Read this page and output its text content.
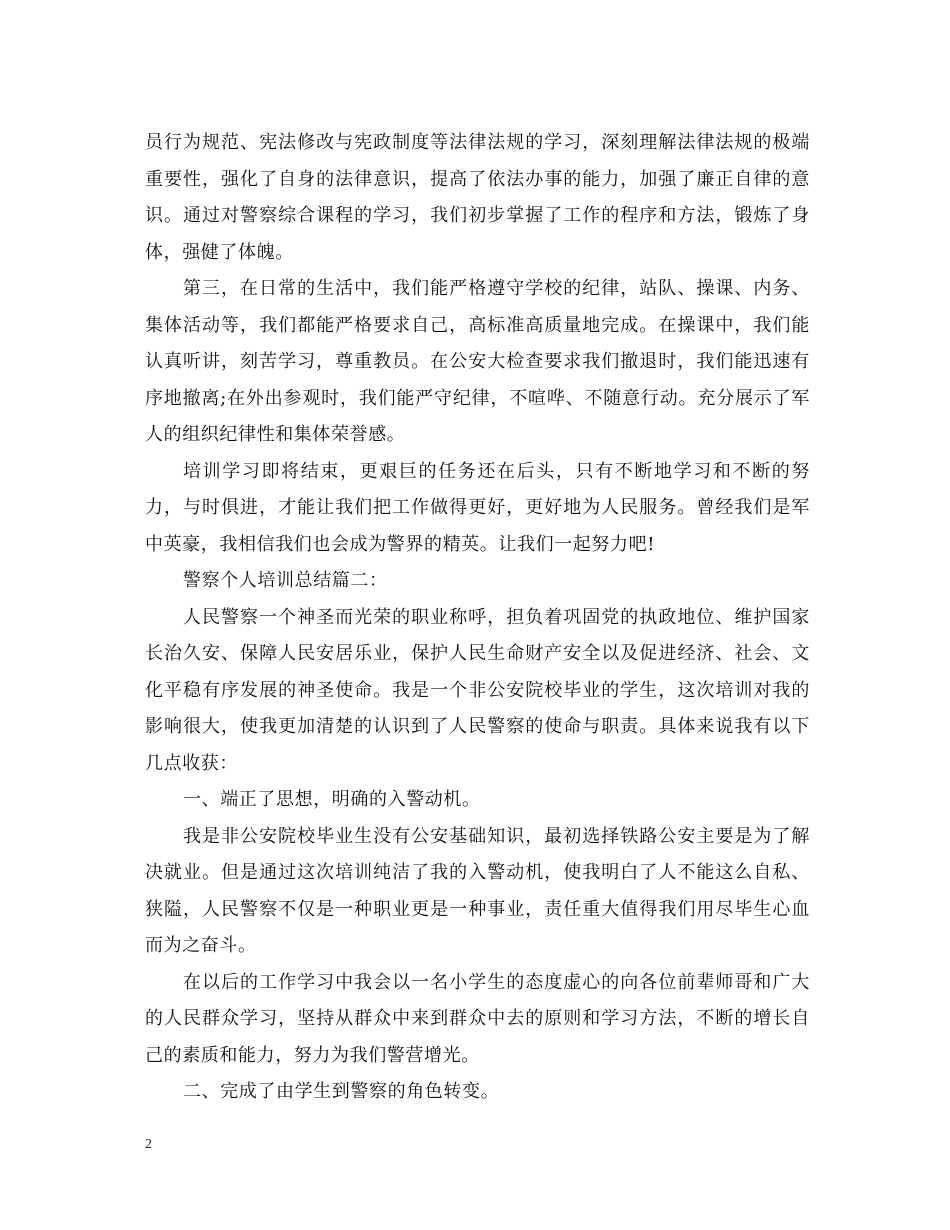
员行为规范、宪法修改与宪政制度等法律法规的学习，深刻理解法律法规的极端重要性，强化了自身的法律意识，提高了依法办事的能力，加强了廉正自律的意识。通过对警察综合课程的学习，我们初步掌握了工作的程序和方法，锻炼了身体，强健了体魄。

第三，在日常的生活中，我们能严格遵守学校的纪律，站队、操课、内务、集体活动等，我们都能严格要求自己，高标准高质量地完成。在操课中，我们能认真听讲，刻苦学习，尊重教员。在公安大检查要求我们撤退时，我们能迅速有序地撤离;在外出参观时，我们能严守纪律，不喧哗、不随意行动。充分展示了军人的组织纪律性和集体荣誉感。

培训学习即将结束，更艰巨的任务还在后头，只有不断地学习和不断的努力，与时俱进，才能让我们把工作做得更好，更好地为人民服务。曾经我们是军中英豪，我相信我们也会成为警界的精英。让我们一起努力吧!

警察个人培训总结篇二：

人民警察一个神圣而光荣的职业称呼，担负着巩固党的执政地位、维护国家长治久安、保障人民安居乐业，保护人民生命财产安全以及促进经济、社会、文化平稳有序发展的神圣使命。我是一个非公安院校毕业的学生，这次培训对我的影响很大，使我更加清楚的认识到了人民警察的使命与职责。具体来说我有以下几点收获：

一、端正了思想，明确的入警动机。

我是非公安院校毕业生没有公安基础知识，最初选择铁路公安主要是为了解决就业。但是通过这次培训纯洁了我的入警动机，使我明白了人不能这么自私、狭隘，人民警察不仅是一种职业更是一种事业，责任重大值得我们用尽毕生心血而为之奋斗。

在以后的工作学习中我会以一名小学生的态度虚心的向各位前辈师哥和广大的人民群众学习，坚持从群众中来到群众中去的原则和学习方法，不断的增长自己的素质和能力，努力为我们警营增光。

二、完成了由学生到警察的角色转变。

2
